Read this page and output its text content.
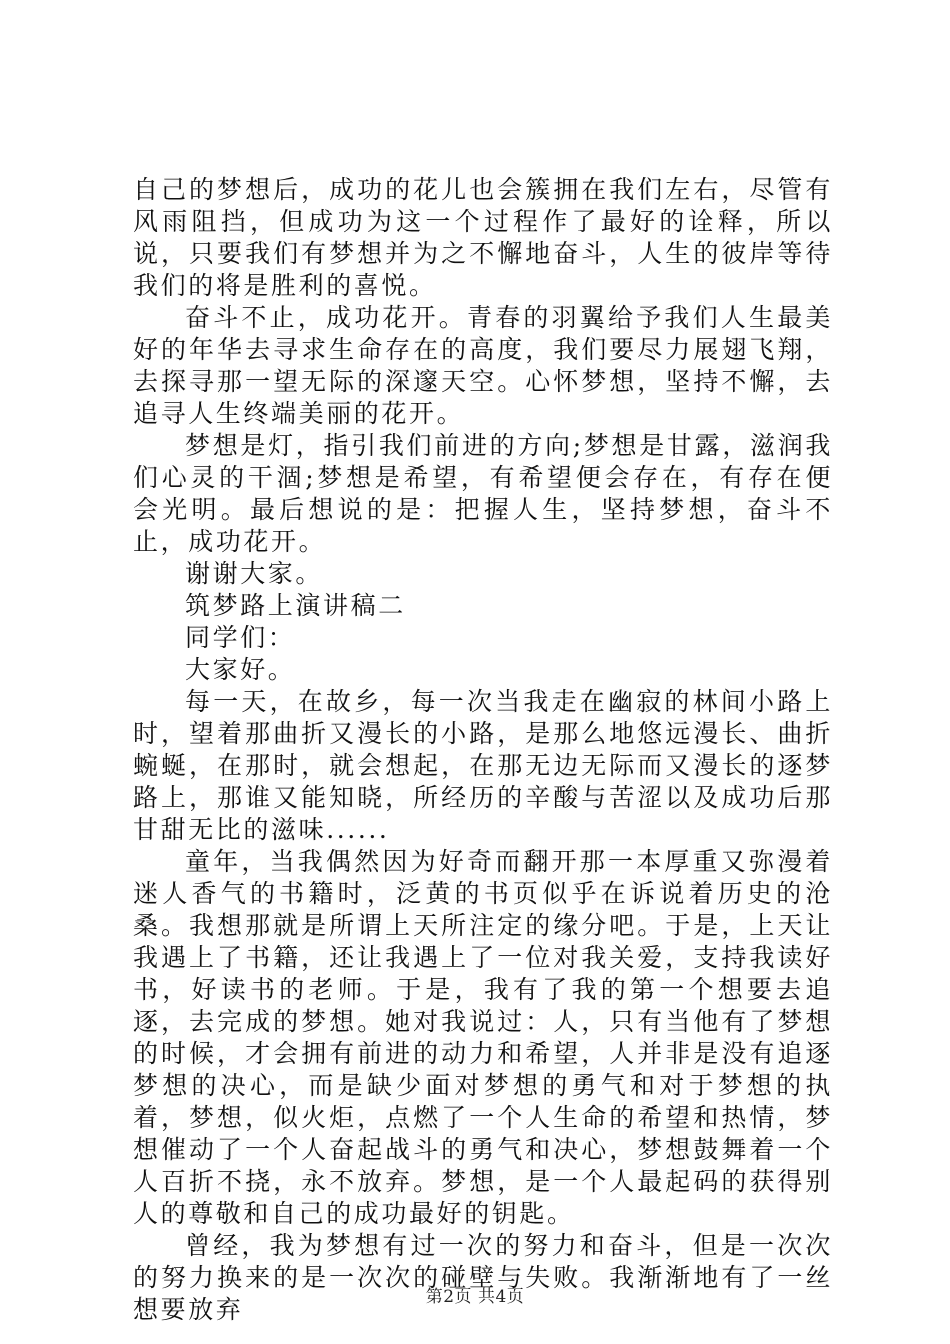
自己的梦想后，成功的花儿也会簇拥在我们左右，尽管有风雨阻挡，但成功为这一个过程作了最好的诠释，所以说，只要我们有梦想并为之不懈地奋斗，人生的彼岸等待我们的将是胜利的喜悦。

奋斗不止，成功花开。青春的羽翼给予我们人生最美好的年华去寻求生命存在的高度，我们要尽力展翅飞翔，去探寻那一望无际的深邃天空。心怀梦想，坚持不懈，去追寻人生终端美丽的花开。

梦想是灯，指引我们前进的方向;梦想是甘露，滋润我们心灵的干涸;梦想是希望，有希望便会存在，有存在便会光明。最后想说的是：把握人生，坚持梦想，奋斗不止，成功花开。

谢谢大家。

筑梦路上演讲稿二

同学们：

大家好。

每一天，在故乡，每一次当我走在幽寂的林间小路上时，望着那曲折又漫长的小路，是那么地悠远漫长、曲折蜿蜒，在那时，就会想起，在那无边无际而又漫长的逐梦路上，那谁又能知晓，所经历的辛酸与苦涩以及成功后那甘甜无比的滋味......

童年，当我偶然因为好奇而翻开那一本厚重又弥漫着迷人香气的书籍时，泛黄的书页似乎在诉说着历史的沧桑。我想那就是所谓上天所注定的缘分吧。于是，上天让我遇上了书籍，还让我遇上了一位对我关爱，支持我读好书，好读书的老师。于是，我有了我的第一个想要去追逐，去完成的梦想。她对我说过：人，只有当他有了梦想的时候，才会拥有前进的动力和希望，人并非是没有追逐梦想的决心，而是缺少面对梦想的勇气和对于梦想的执着，梦想，似火炬，点燃了一个人生命的希望和热情，梦想催动了一个人奋起战斗的勇气和决心，梦想鼓舞着一个人百折不挠，永不放弃。梦想，是一个人最起码的获得别人的尊敬和自己的成功最好的钥匙。

曾经，我为梦想有过一次的努力和奋斗，但是一次次的努力换来的是一次次的碰壁与失败。我渐渐地有了一丝想要放弃	第2页 共4页
